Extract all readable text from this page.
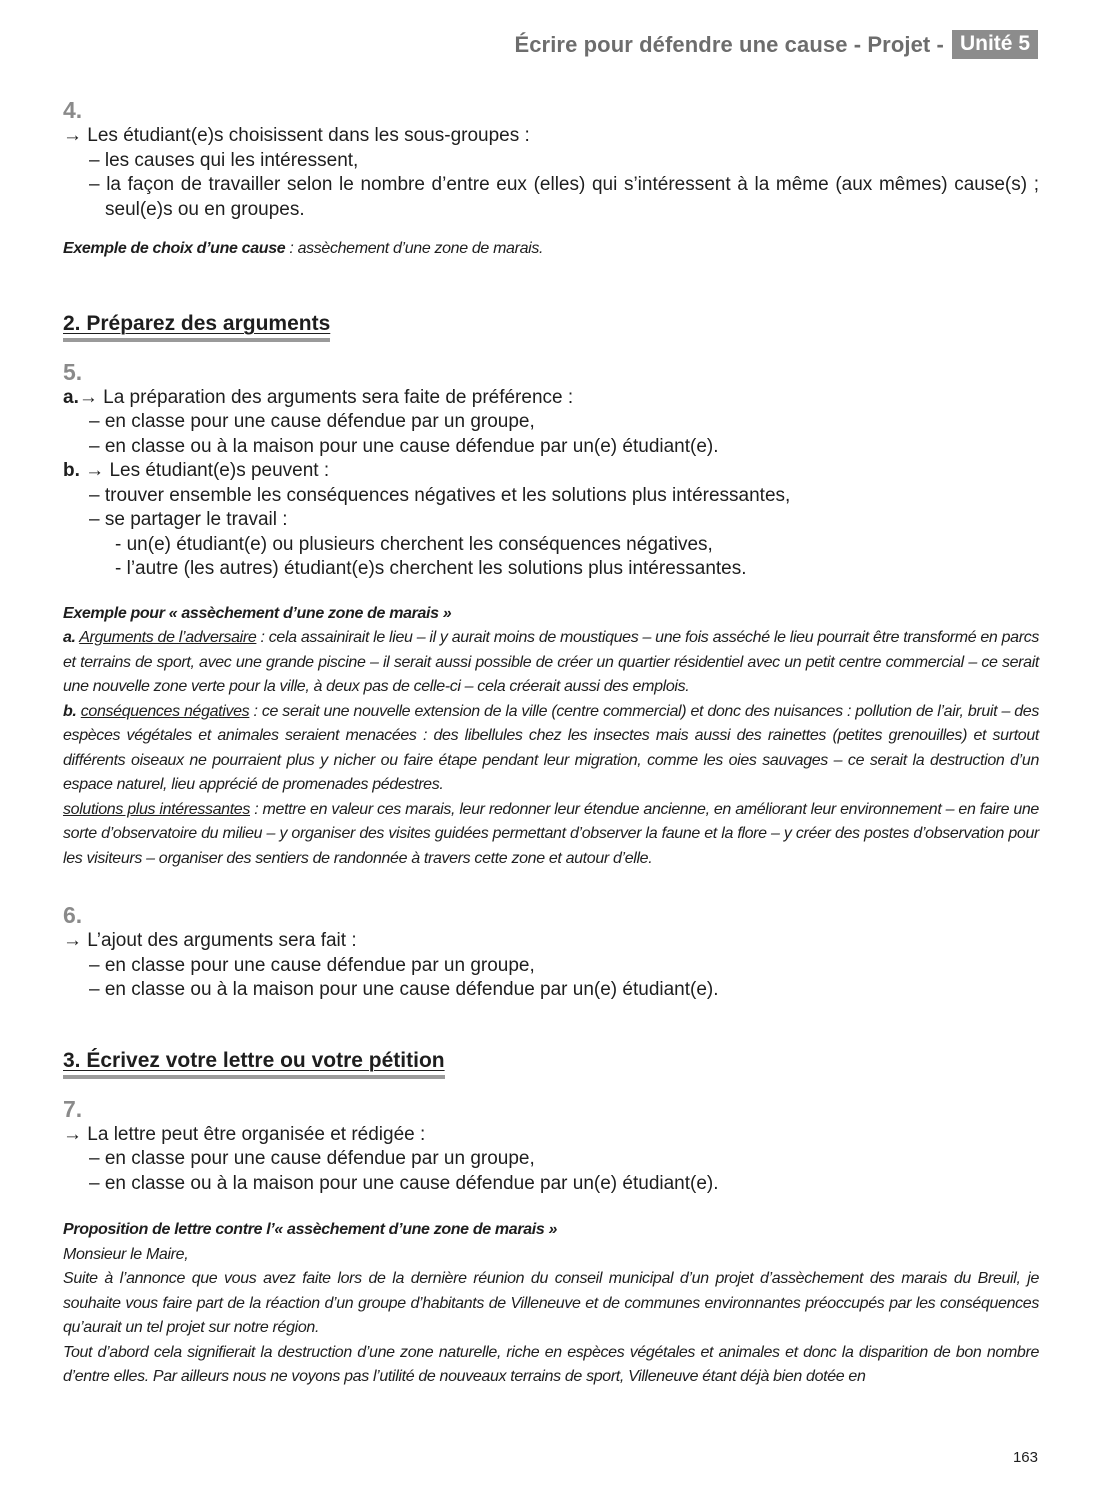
Écrire pour défendre une cause - Projet - Unité 5
4.
→ Les étudiant(e)s choisissent dans les sous-groupes :
– les causes qui les intéressent,
– la façon de travailler selon le nombre d’entre eux (elles) qui s’intéressent à la même (aux mêmes) cause(s) ; seul(e)s ou en groupes.
Exemple de choix d’une cause : assèchement d’une zone de marais.
2. Préparez des arguments
5.
a.→ La préparation des arguments sera faite de préférence :
– en classe pour une cause défendue par un groupe,
– en classe ou à la maison pour une cause défendue par un(e) étudiant(e).
b. → Les étudiant(e)s peuvent :
– trouver ensemble les conséquences négatives et les solutions plus intéressantes,
– se partager le travail :
- un(e) étudiant(e) ou plusieurs cherchent les conséquences négatives,
- l’autre (les autres) étudiant(e)s cherchent les solutions plus intéressantes.
Exemple pour « assèchement d’une zone de marais »
a. Arguments de l’adversaire : cela assainirait le lieu – il y aurait moins de moustiques – une fois asséché le lieu pourrait être transformé en parcs et terrains de sport, avec une grande piscine – il serait aussi possible de créer un quartier résidentiel avec un petit centre commercial – ce serait une nouvelle zone verte pour la ville, à deux pas de celle-ci – cela créerait aussi des emplois.
b. conséquences négatives : ce serait une nouvelle extension de la ville (centre commercial) et donc des nuisances : pollution de l’air, bruit – des espèces végétales et animales seraient menacées : des libellules chez les insectes mais aussi des rainettes (petites grenouilles) et surtout différents oiseaux ne pourraient plus y nicher ou faire étape pendant leur migration, comme les oies sauvages – ce serait la destruction d’un espace naturel, lieu apprécié de promenades pédestres.
solutions plus intéressantes : mettre en valeur ces marais, leur redonner leur étendue ancienne, en améliorant leur environnement – en faire une sorte d’observatoire du milieu – y organiser des visites guidées permettant d’observer la faune et la flore – y créer des postes d’observation pour les visiteurs – organiser des sentiers de randonnée à travers cette zone et autour d’elle.
6.
→ L’ajout des arguments sera fait :
– en classe pour une cause défendue par un groupe,
– en classe ou à la maison pour une cause défendue par un(e) étudiant(e).
3. Écrivez votre lettre ou votre pétition
7.
→ La lettre peut être organisée et rédigée :
– en classe pour une cause défendue par un groupe,
– en classe ou à la maison pour une cause défendue par un(e) étudiant(e).
Proposition de lettre contre l’« assèchement d’une zone de marais »
Monsieur le Maire,
Suite à l’annonce que vous avez faite lors de la dernière réunion du conseil municipal d’un projet d’assèchement des marais du Breuil, je souhaite vous faire part de la réaction d’un groupe d’habitants de Villeneuve et de communes environnantes préoccupés par les conséquences qu’aurait un tel projet sur notre région.
Tout d’abord cela signifierait la destruction d’une zone naturelle, riche en espèces végétales et animales et donc la disparition de bon nombre d’entre elles. Par ailleurs nous ne voyons pas l’utilité de nouveaux terrains de sport, Villeneuve étant déjà bien dotée en
163
